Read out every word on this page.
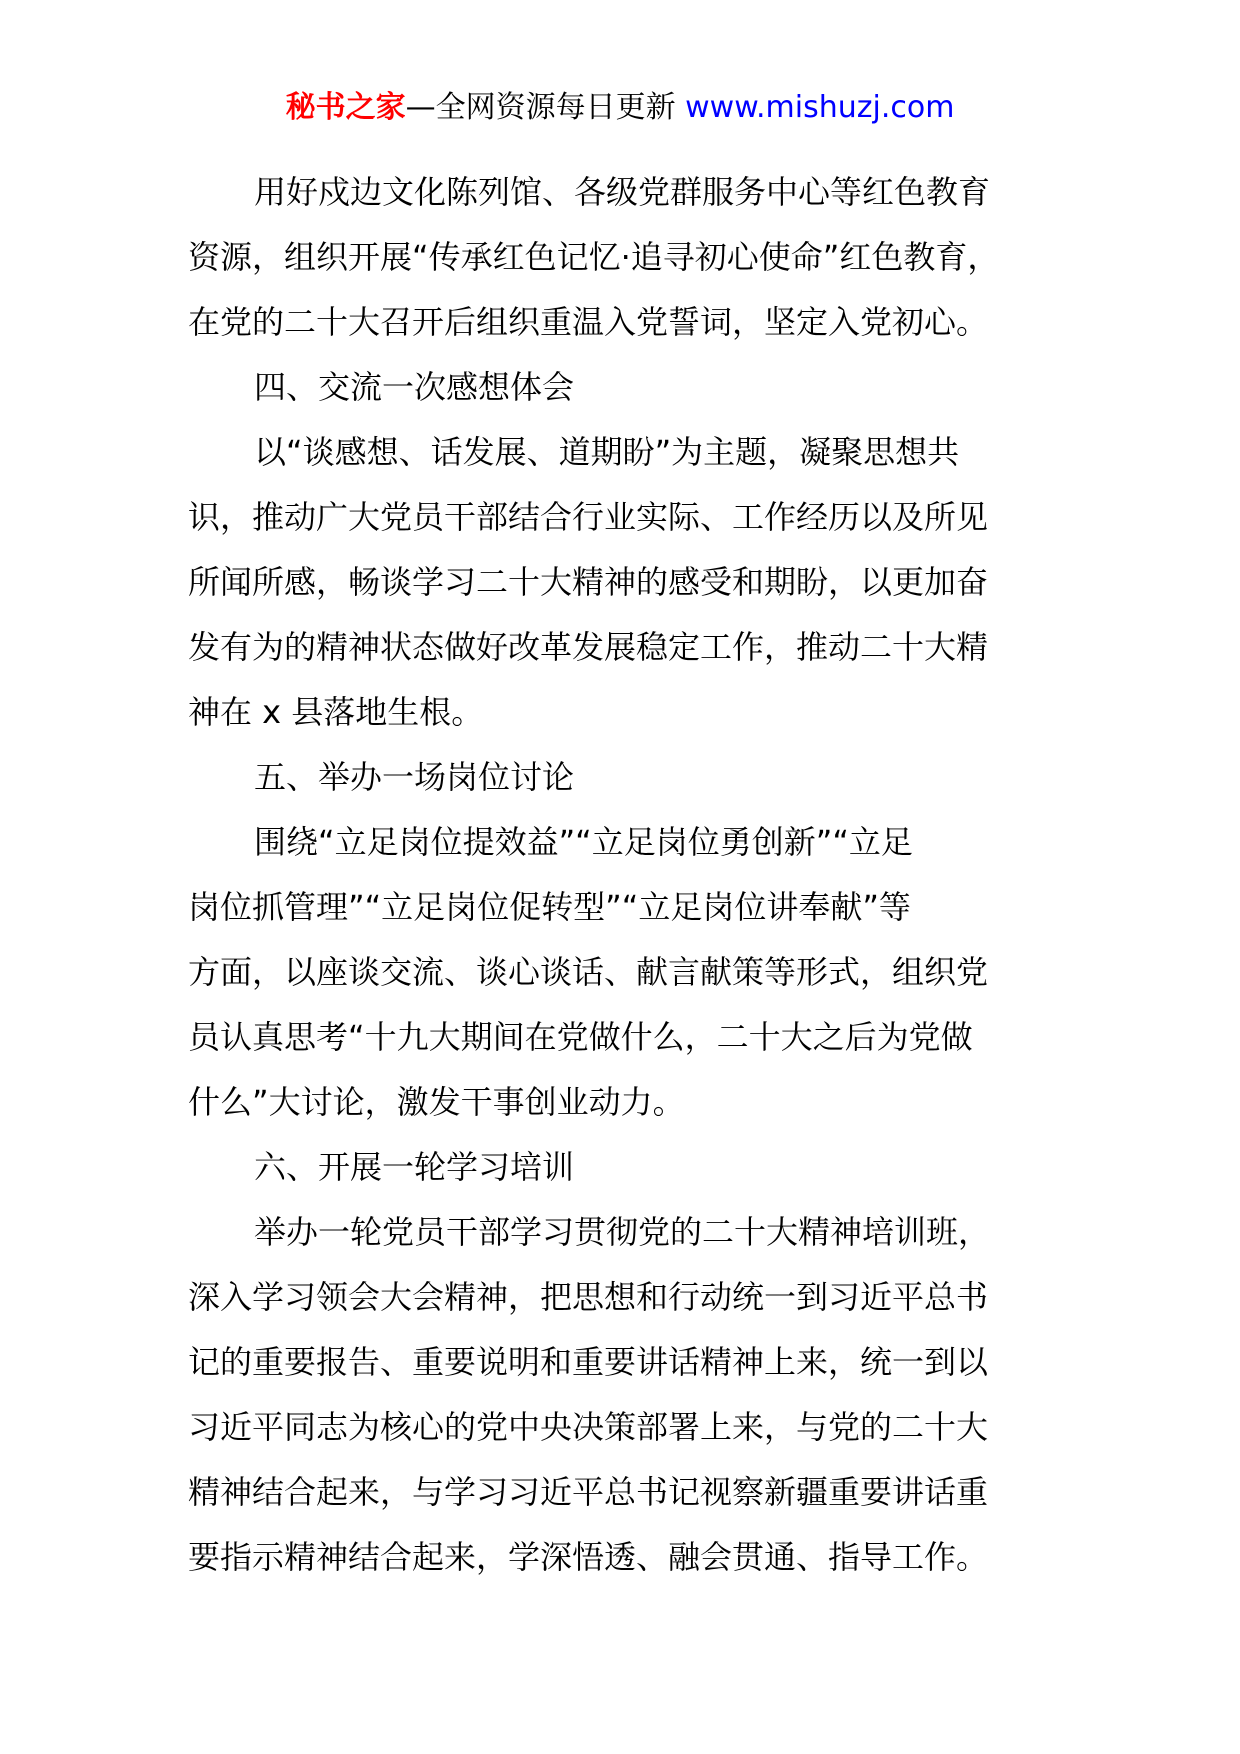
秘书之家—全网资源每日更新 www.mishuzj.com

用好戍边文化陈列馆、各级党群服务中心等红色教育
资源，组织开展“传承红色记忆·追寻初心使命”红色教育，
在党的二十大召开后组织重温入党誓词，坚定入党初心。

四、交流一次感想体会

以“谈感想、话发展、道期盼”为主题，凝聚思想共
识，推动广大党员干部结合行业实际、工作经历以及所见
所闻所感，畅谈学习二十大精神的感受和期盼，以更加奋
发有为的精神状态做好改革发展稳定工作，推动二十大精
神在 x 县落地生根。

五、举办一场岗位讨论

围绕“立足岗位提效益”“立足岗位勇创新”“立足
岗位抓管理”“立足岗位促转型”“立足岗位讲奉献”等
方面，以座谈交流、谈心谈话、献言献策等形式，组织党
员认真思考“十九大期间在党做什么，二十大之后为党做
什么”大讨论，激发干事创业动力。

六、开展一轮学习培训

举办一轮党员干部学习贯彻党的二十大精神培训班，
深入学习领会大会精神，把思想和行动统一到习近平总书
记的重要报告、重要说明和重要讲话精神上来，统一到以
习近平同志为核心的党中央决策部署上来，与党的二十大
精神结合起来，与学习习近平总书记视察新疆重要讲话重
要指示精神结合起来，学深悟透、融会贯通、指导工作。
